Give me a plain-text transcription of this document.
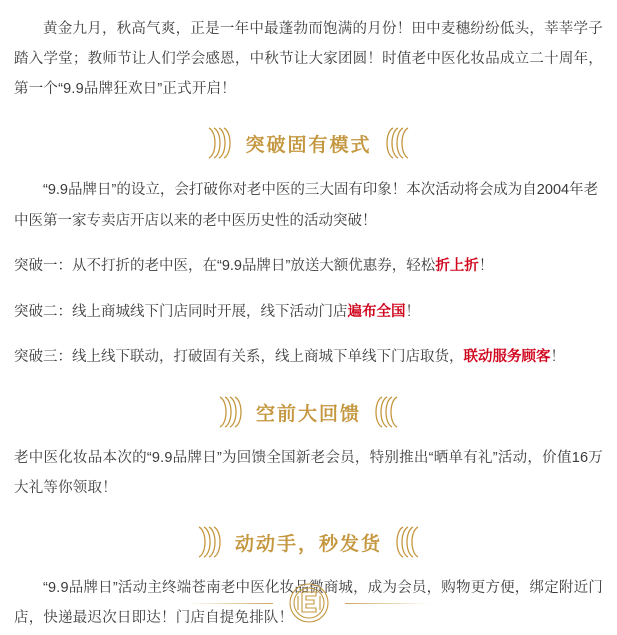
黄金九月，秋高气爽，正是一年中最蓬勃而饱满的月份！田中麦穗纷纷低头，莘莘学子踏入学堂；教师节让人们学会感恩，中秋节让大家团圆！时值老中医化妆品成立二十周年，第一个“9.9品牌狂欢日”正式开启！

突破固有模式

“9.9品牌日”的设立，会打破你对老中医的三大固有印象！本次活动将会成为自2004年老中医第一家专卖店开店以来的老中医历史性的活动突破！

突破一：从不打折的老中医，在“9.9品牌日”放送大额优惠券，轻松折上折！

突破二：线上商城线下门店同时开展，线下活动门店遍布全国！

突破三：线上线下联动，打破固有关系，线上商城下单线下门店取货，联动服务顾客！

空前大回馈

老中医化妆品本次的“9.9品牌日”为回馈全国新老会员，特别推出“晒单有礼”活动，价值16万大礼等你领取！

动动手，秒发货

“9.9品牌日”活动主终端苍南老中医化妆品微商城，成为会员，购物更方便，绑定附近门店，快递最迟次日即达！门店自提免排队！
